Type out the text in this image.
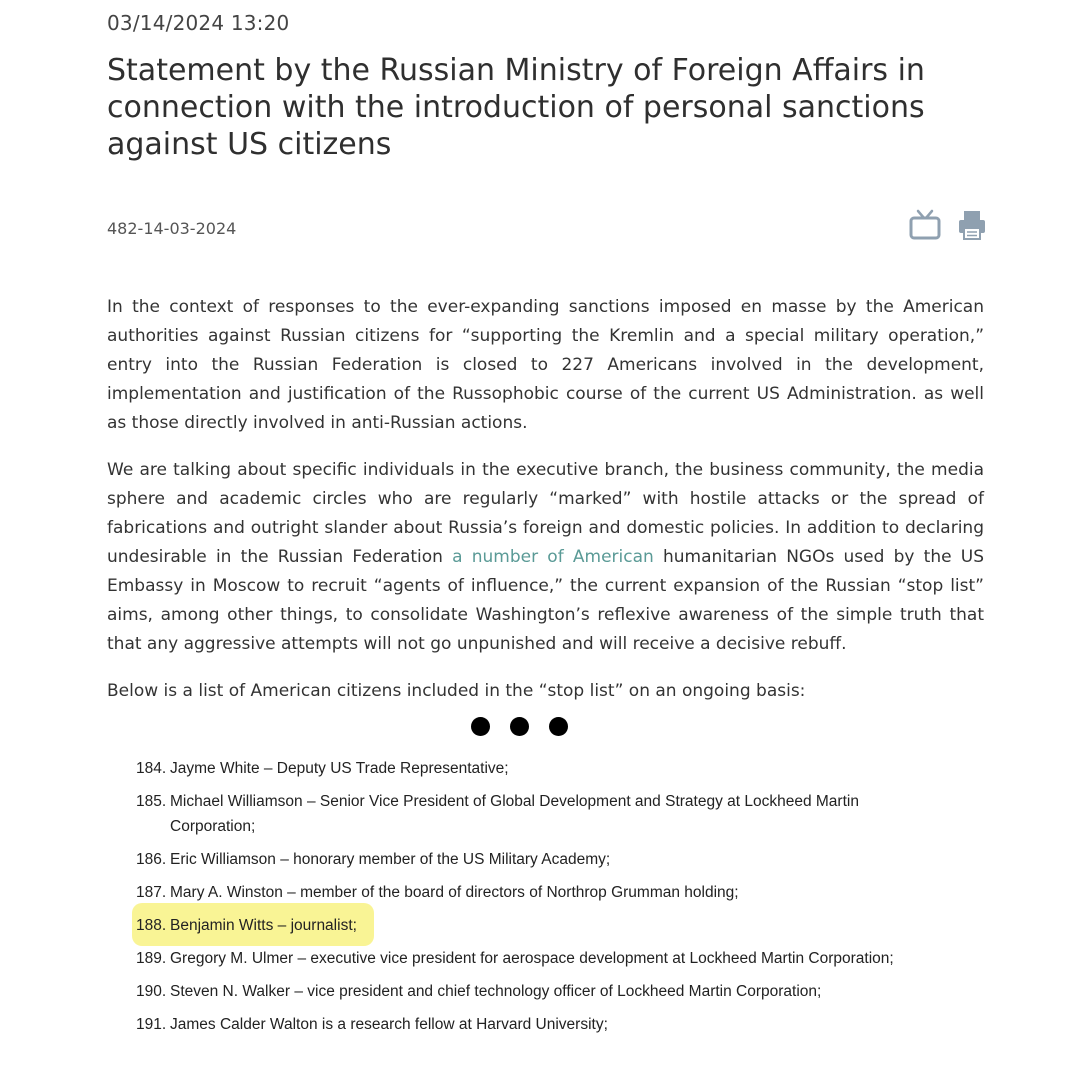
03/14/2024 13:20
Statement by the Russian Ministry of Foreign Affairs in connection with the introduction of personal sanctions against US citizens
482-14-03-2024

In the context of responses to the ever-expanding sanctions imposed en masse by the American authorities against Russian citizens for “supporting the Kremlin and a special military operation,” entry into the Russian Federation is closed to 227 Americans involved in the development, implementation and justification of the Russophobic course of the current US Administration. as well as those directly involved in anti-Russian actions.

We are talking about specific individuals in the executive branch, the business community, the media sphere and academic circles who are regularly “marked” with hostile attacks or the spread of fabrications and outright slander about Russia’s foreign and domestic policies. In addition to declaring undesirable in the Russian Federation a number of American humanitarian NGOs used by the US Embassy in Moscow to recruit “agents of influence,” the current expansion of the Russian “stop list” aims, among other things, to consolidate Washington’s reflexive awareness of the simple truth that that any aggressive attempts will not go unpunished and will receive a decisive rebuff.

Below is a list of American citizens included in the “stop list” on an ongoing basis:

184. Jayme White – Deputy US Trade Representative;
185. Michael Williamson – Senior Vice President of Global Development and Strategy at Lockheed Martin Corporation;
186. Eric Williamson – honorary member of the US Military Academy;
187. Mary A. Winston – member of the board of directors of Northrop Grumman holding;
188. Benjamin Witts – journalist;
189. Gregory M. Ulmer – executive vice president for aerospace development at Lockheed Martin Corporation;
190. Steven N. Walker – vice president and chief technology officer of Lockheed Martin Corporation;
191. James Calder Walton is a research fellow at Harvard University;
